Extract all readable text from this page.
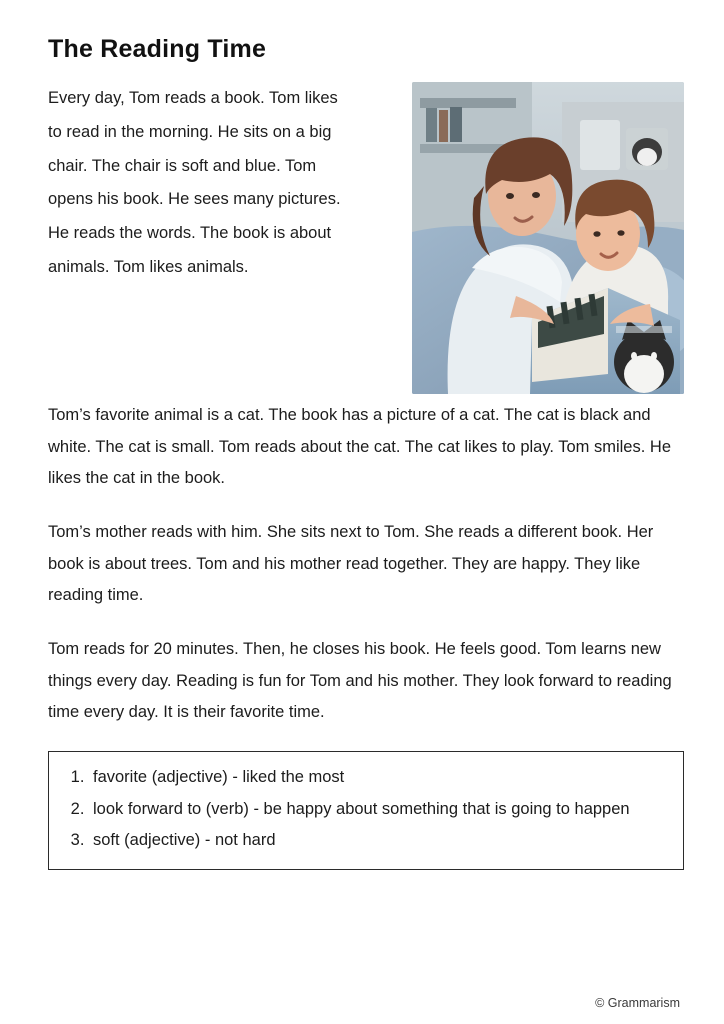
The Reading Time

Every day, Tom reads a book. Tom likes to read in the morning. He sits on a big chair. The chair is soft and blue. Tom opens his book. He sees many pictures. He reads the words. The book is about animals. Tom likes animals.

Tom’s favorite animal is a cat. The book has a picture of a cat. The cat is black and white. The cat is small. Tom reads about the cat. The cat likes to play. Tom smiles. He likes the cat in the book.

Tom’s mother reads with him. She sits next to Tom. She reads a different book. Her book is about trees. Tom and his mother read together. They are happy. They like reading time.

Tom reads for 20 minutes. Then, he closes his book. He feels good. Tom learns new things every day. Reading is fun for Tom and his mother. They look forward to reading time every day. It is their favorite time.

1. favorite (adjective) - liked the most
2. look forward to (verb) - be happy about something that is going to happen
3. soft (adjective) - not hard
© Grammarism
